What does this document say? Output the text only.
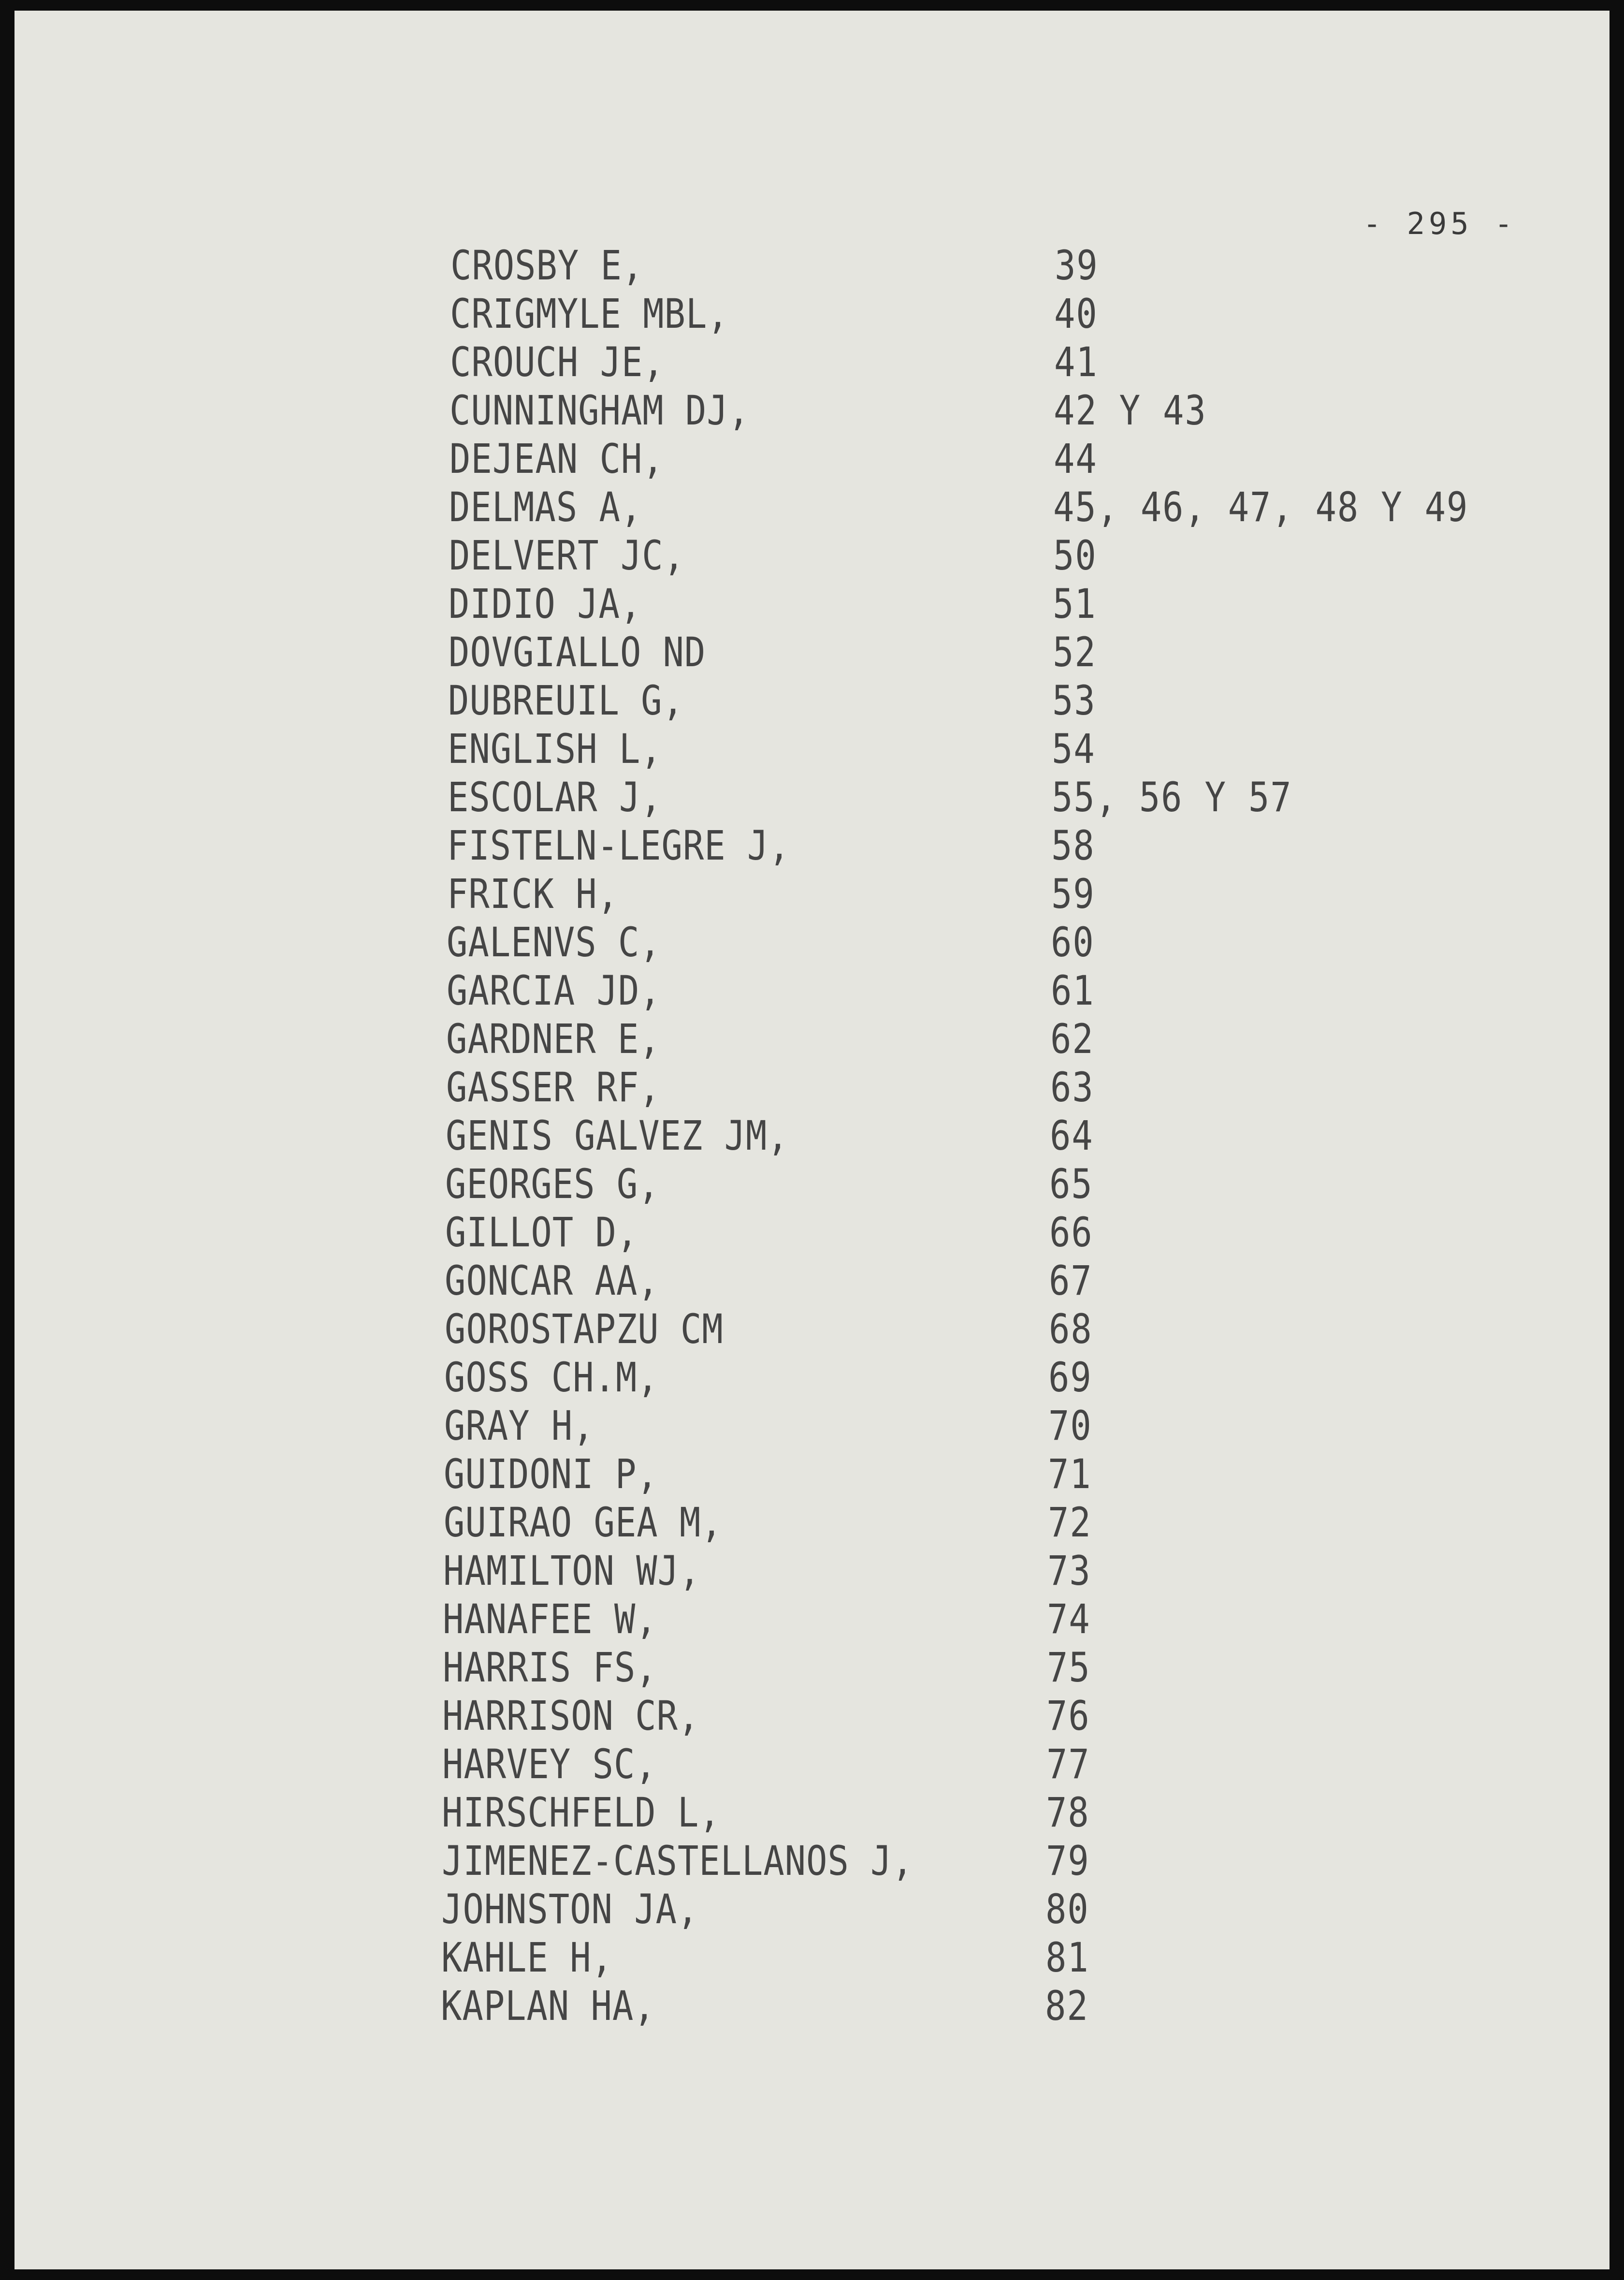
- 295 -
CROSBY E,	39
CRIGMYLE MBL,	40
CROUCH JE,	41
CUNNINGHAM DJ,	42 Y 43
DEJEAN CH,	44
DELMAS A,	45, 46, 47, 48 Y 49
DELVERT JC,	50
DIDIO JA,	51
DOVGIALLO ND	52
DUBREUIL G,	53
ENGLISH L,	54
ESCOLAR J,	55, 56 Y 57
FISTELN-LEGRE J,	58
FRICK H,	59
GALENVS C,	60
GARCIA JD,	61
GARDNER E,	62
GASSER RF,	63
GENIS GALVEZ JM,	64
GEORGES G,	65
GILLOT D,	66
GONCAR AA,	67
GOROSTAPZU CM	68
GOSS CH.M,	69
GRAY H,	70
GUIDONI P,	71
GUIRAO GEA M,	72
HAMILTON WJ,	73
HANAFEE W,	74
HARRIS FS,	75
HARRISON CR,	76
HARVEY SC,	77
HIRSCHFELD L,	78
JIMENEZ-CASTELLANOS J,	79
JOHNSTON JA,	80
KAHLE H,	81
KAPLAN HA,	82
